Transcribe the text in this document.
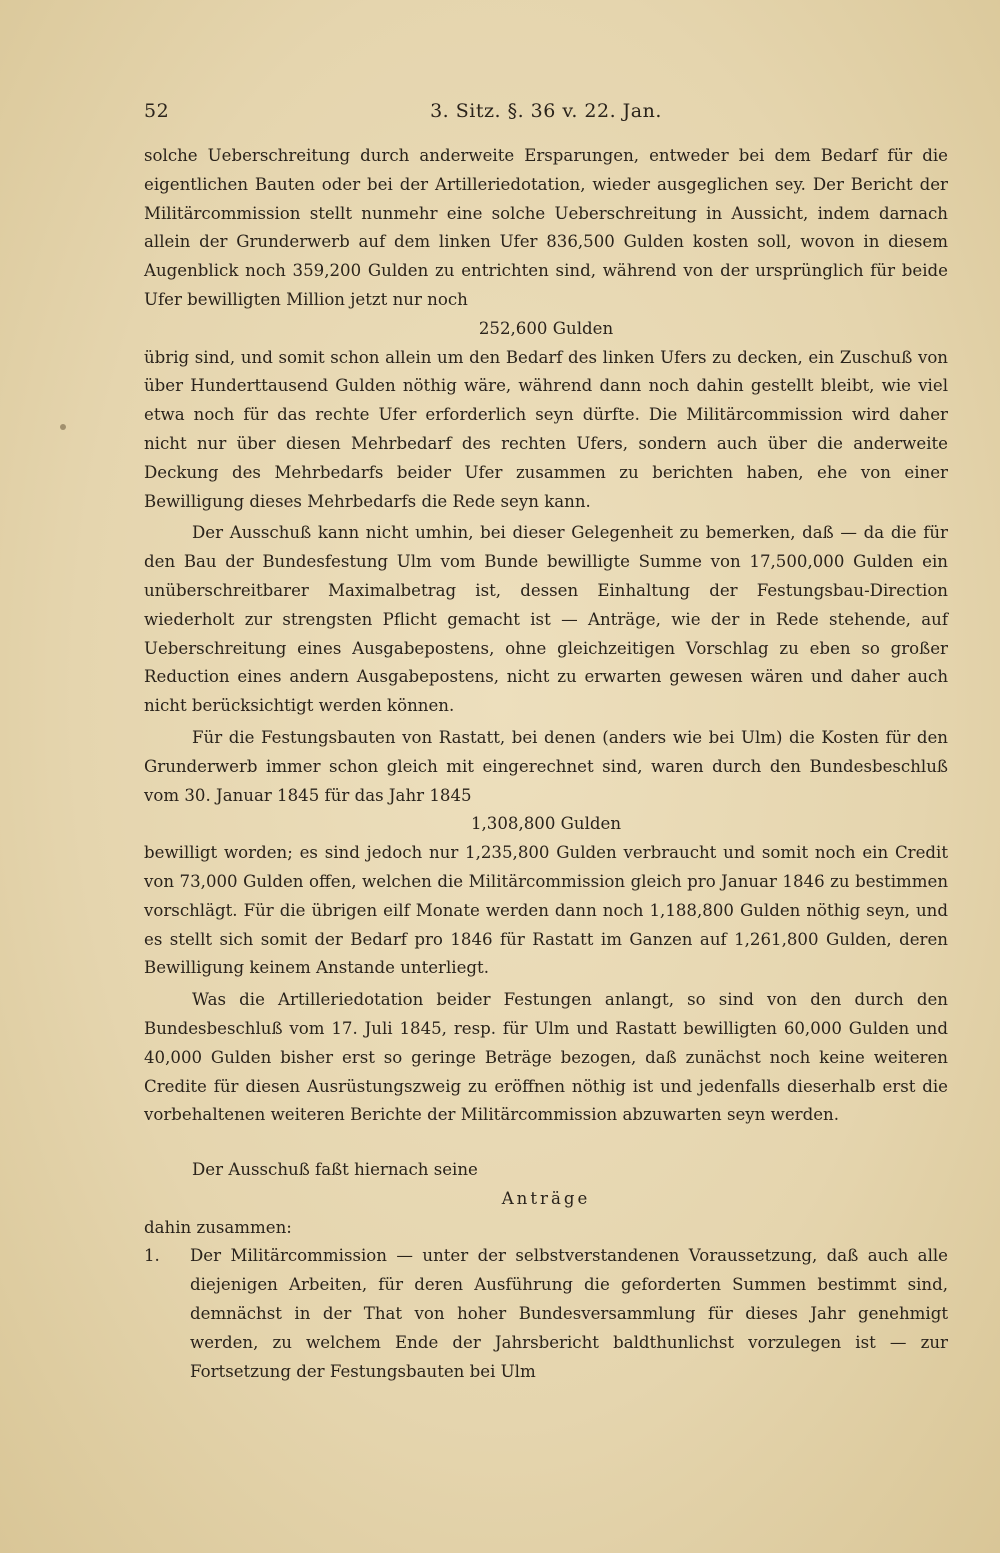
52	3. Sitz. §. 36 v. 22. Jan.

solche Ueberschreitung durch anderweite Ersparungen, entweder bei dem Bedarf für die eigentlichen Bauten oder bei der Artilleriedotation, wieder ausgeglichen sey. Der Bericht der Militärcommission stellt nunmehr eine solche Ueberschreitung in Aussicht, indem darnach allein der Grunderwerb auf dem linken Ufer 836,500 Gulden kosten soll, wovon in diesem Augenblick noch 359,200 Gulden zu entrichten sind, während von der ursprünglich für beide Ufer bewilligten Million jetzt nur noch

252,600 Gulden

übrig sind, und somit schon allein um den Bedarf des linken Ufers zu decken, ein Zuschuß von über Hunderttausend Gulden nöthig wäre, während dann noch dahin gestellt bleibt, wie viel etwa noch für das rechte Ufer erforderlich seyn dürfte. Die Militärcommission wird daher nicht nur über diesen Mehrbedarf des rechten Ufers, sondern auch über die anderweite Deckung des Mehrbedarfs beider Ufer zusammen zu berichten haben, ehe von einer Bewilligung dieses Mehrbedarfs die Rede seyn kann.

Der Ausschuß kann nicht umhin, bei dieser Gelegenheit zu bemerken, daß — da die für den Bau der Bundesfestung Ulm vom Bunde bewilligte Summe von 17,500,000 Gulden ein unüberschreitbarer Maximalbetrag ist, dessen Einhaltung der Festungsbau-Direction wiederholt zur strengsten Pflicht gemacht ist — Anträge, wie der in Rede stehende, auf Ueberschreitung eines Ausgabepostens, ohne gleichzeitigen Vorschlag zu eben so großer Reduction eines andern Ausgabepostens, nicht zu erwarten gewesen wären und daher auch nicht berücksichtigt werden können.

Für die Festungsbauten von Rastatt, bei denen (anders wie bei Ulm) die Kosten für den Grunderwerb immer schon gleich mit eingerechnet sind, waren durch den Bundesbeschluß vom 30. Januar 1845 für das Jahr 1845

1,308,800 Gulden

bewilligt worden; es sind jedoch nur 1,235,800 Gulden verbraucht und somit noch ein Credit von 73,000 Gulden offen, welchen die Militärcommission gleich pro Januar 1846 zu bestimmen vorschlägt. Für die übrigen eilf Monate werden dann noch 1,188,800 Gulden nöthig seyn, und es stellt sich somit der Bedarf pro 1846 für Rastatt im Ganzen auf 1,261,800 Gulden, deren Bewilligung keinem Anstande unterliegt.

Was die Artilleriedotation beider Festungen anlangt, so sind von den durch den Bundesbeschluß vom 17. Juli 1845, resp. für Ulm und Rastatt bewilligten 60,000 Gulden und 40,000 Gulden bisher erst so geringe Beträge bezogen, daß zunächst noch keine weiteren Credite für diesen Ausrüstungszweig zu eröffnen nöthig ist und jedenfalls dieserhalb erst die vorbehaltenen weiteren Berichte der Militärcommission abzuwarten seyn werden.

Der Ausschuß faßt hiernach seine

Anträge

dahin zusammen:

1.	Der Militärcommission — unter der selbstverstandenen Voraussetzung, daß auch alle diejenigen Arbeiten, für deren Ausführung die geforderten Summen bestimmt sind, demnächst in der That von hoher Bundesversammlung für dieses Jahr genehmigt werden, zu welchem Ende der Jahrsbericht baldthunlichst vorzulegen ist — zur Fortsetzung der Festungsbauten bei Ulm
